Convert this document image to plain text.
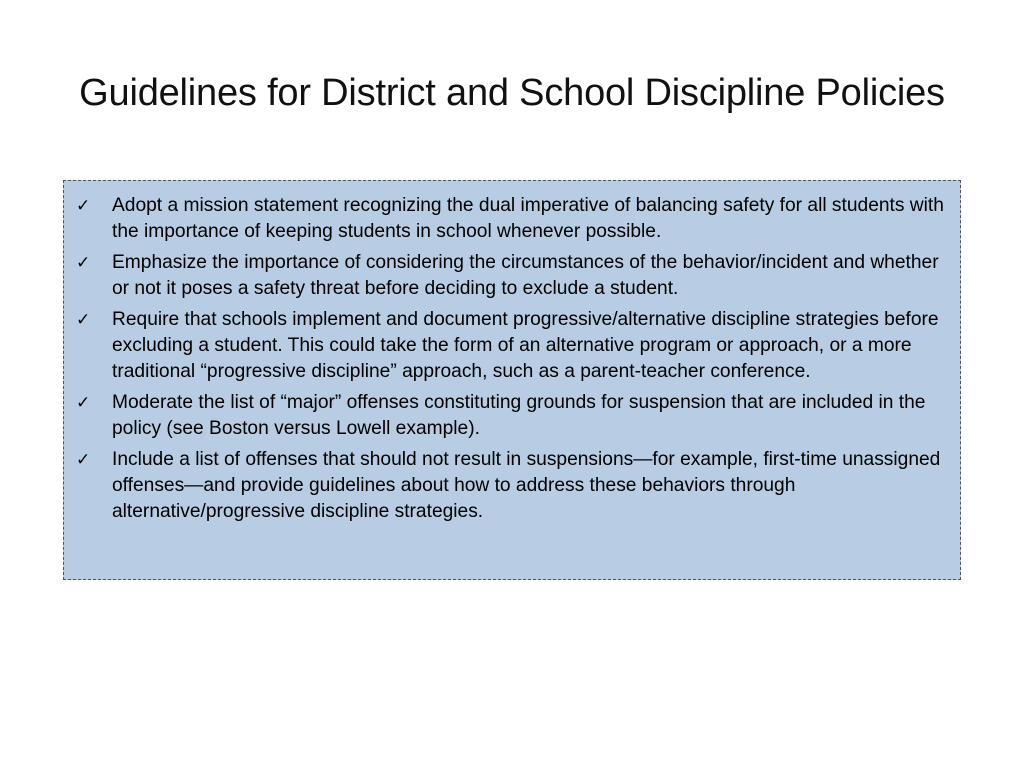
Guidelines for District and School Discipline Policies
✓	Adopt a mission statement recognizing the dual imperative of balancing safety for all students with the importance of keeping students in school whenever possible.
✓	Emphasize the importance of considering the circumstances of the behavior/incident and whether or not it poses a safety threat before deciding to exclude a student.
✓	Require that schools implement and document progressive/alternative discipline strategies before excluding a student. This could take the form of an alternative program or approach, or a more traditional “progressive discipline” approach, such as a parent-teacher conference.
✓	Moderate the list of “major” offenses constituting grounds for suspension that are included in the policy (see Boston versus Lowell example).
✓	Include a list of offenses that should not result in suspensions—for example, first-time unassigned offenses—and provide guidelines about how to address these behaviors through alternative/progressive discipline strategies.
